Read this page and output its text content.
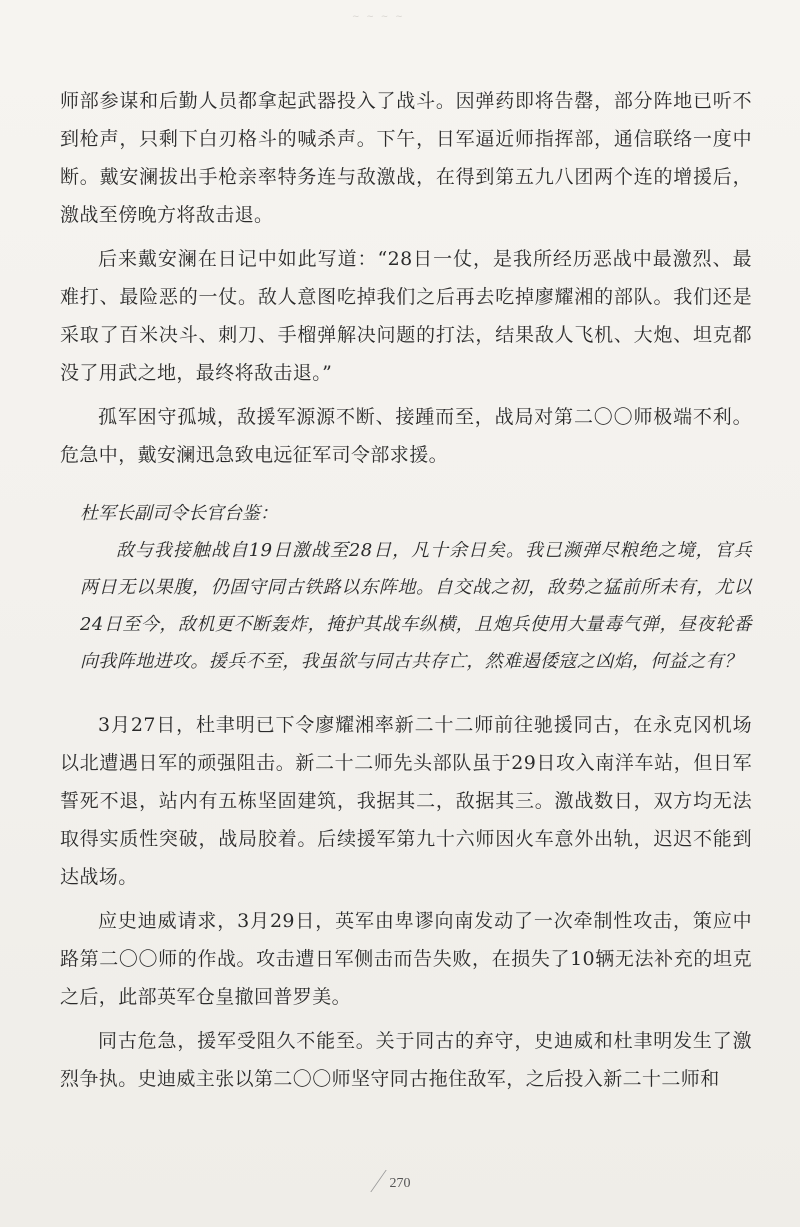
~ ~ ~ ~

师部参谋和后勤人员都拿起武器投入了战斗。因弹药即将告罄，部分阵地已听不到枪声，只剩下白刃格斗的喊杀声。下午，日军逼近师指挥部，通信联络一度中断。戴安澜拔出手枪亲率特务连与敌激战，在得到第五九八团两个连的增援后，激战至傍晚方将敌击退。

后来戴安澜在日记中如此写道：“28日一仗，是我所经历恶战中最激烈、最难打、最险恶的一仗。敌人意图吃掉我们之后再去吃掉廖耀湘的部队。我们还是采取了百米决斗、刺刀、手榴弹解决问题的打法，结果敌人飞机、大炮、坦克都没了用武之地，最终将敌击退。”

孤军困守孤城，敌援军源源不断、接踵而至，战局对第二〇〇师极端不利。危急中，戴安澜迅急致电远征军司令部求援。

杜军长副司令长官台鉴：

敌与我接触战自19日激战至28日，凡十余日矣。我已濒弹尽粮绝之境，官兵两日无以果腹，仍固守同古铁路以东阵地。自交战之初，敌势之猛前所未有，尤以24日至今，敌机更不断轰炸，掩护其战车纵横，且炮兵使用大量毒气弹，昼夜轮番向我阵地进攻。援兵不至，我虽欲与同古共存亡，然难遏倭寇之凶焰，何益之有？

3月27日，杜聿明已下令廖耀湘率新二十二师前往驰援同古，在永克冈机场以北遭遇日军的顽强阻击。新二十二师先头部队虽于29日攻入南洋车站，但日军誓死不退，站内有五栋坚固建筑，我据其二，敌据其三。激战数日，双方均无法取得实质性突破，战局胶着。后续援军第九十六师因火车意外出轨，迟迟不能到达战场。

应史迪威请求，3月29日，英军由卑谬向南发动了一次牵制性攻击，策应中路第二〇〇师的作战。攻击遭日军侧击而告失败，在损失了10辆无法补充的坦克之后，此部英军仓皇撤回普罗美。

同古危急，援军受阻久不能至。关于同古的弃守，史迪威和杜聿明发生了激烈争执。史迪威主张以第二〇〇师坚守同古拖住敌军，之后投入新二十二师和

270
